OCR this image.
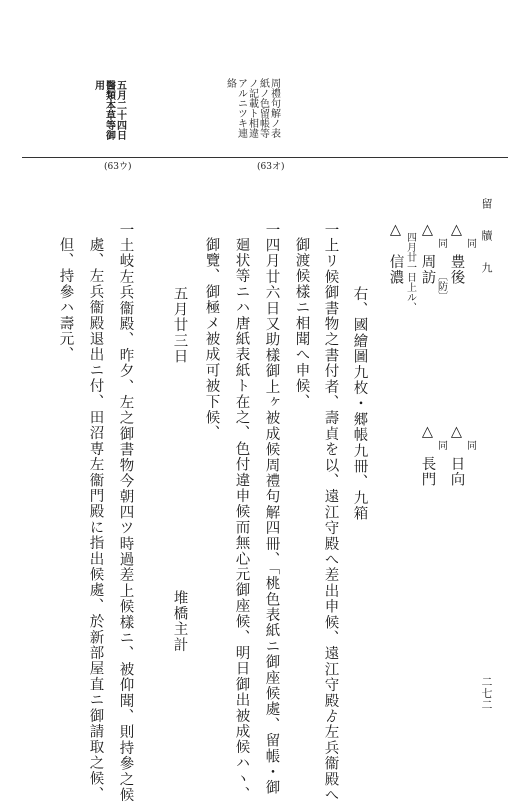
留 牘 九
二七二
周禮句解ノ表
紙ノ色留帳等
ノ記載ト相違
アルニツキ連
絡
五月二十四日
醫類本草等御
用
(63オ)
(63ウ)
△
同
豊後
△
同
周訪
〔防〕
四月廿一日上ル、
△
信濃
△
同
日向
△
同
長門
右、國繪圖九枚・郷帳九冊、九箱
一上リ候御書物之書付者、壽貞を以、遠江守殿へ差出申候、遠江守殿ゟ左兵衞殿へ
御渡候樣ニ相聞へ申候、
一四月廿六日又助樣御上ヶ被成候周禮句解四冊、「桃色表紙ニ御座候處、留帳・御
廻状等ニハ唐紙表紙ト在之、色付違申候而無心元御座候、明日御出被成候ハヽ、
御覽、御極メ被成可被下候、
五月廿三日
堆橋主計
一土岐左兵衞殿、昨夕、左之御書物今朝四ツ時過差上候樣ニ、被仰聞、則持參之候
處、左兵衞殿退出ニ付、田沼専左衞門殿に指出候處、於新部屋直ニ御請取之候、
但、持參ハ壽元、
